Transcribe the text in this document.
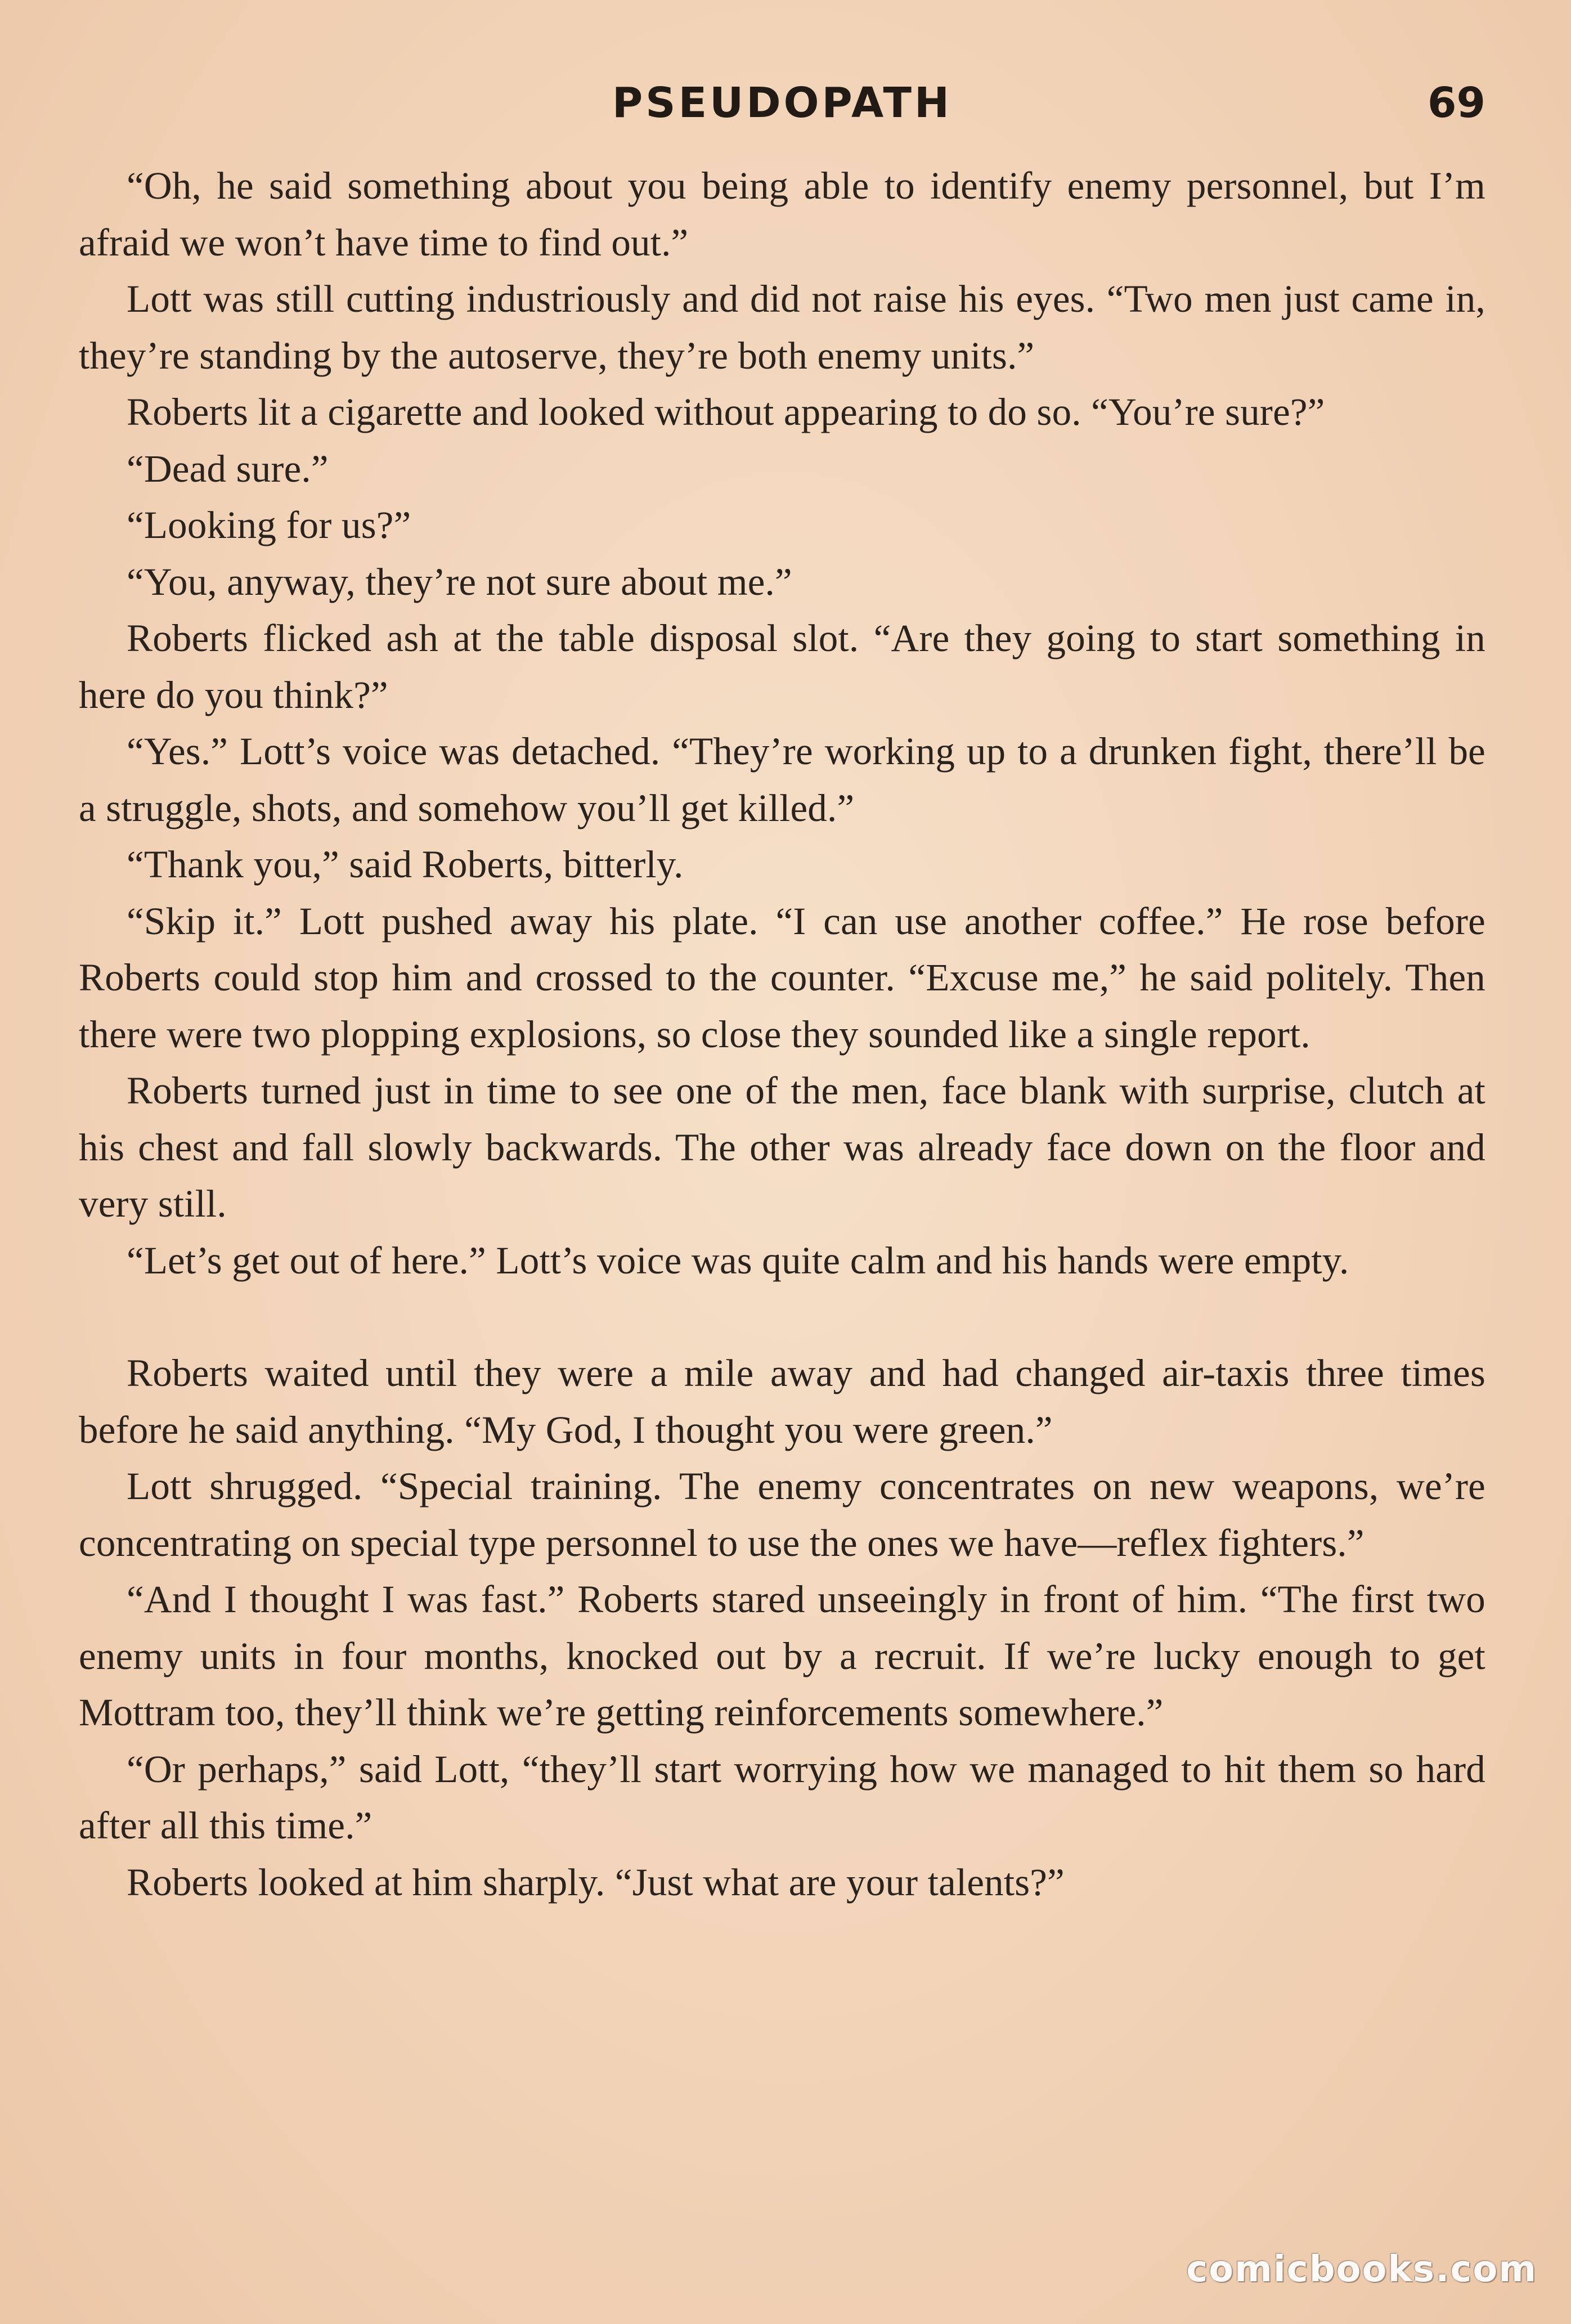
PSEUDOPATH	69

“Oh, he said something about you being able to identify enemy personnel, but I’m afraid we won’t have time to find out.”

Lott was still cutting industriously and did not raise his eyes. “Two men just came in, they’re standing by the autoserve, they’re both enemy units.”

Roberts lit a cigarette and looked without appearing to do so. “You’re sure?”

“Dead sure.”

“Looking for us?”

“You, anyway, they’re not sure about me.”

Roberts flicked ash at the table disposal slot. “Are they going to start something in here do you think?”

“Yes.” Lott’s voice was detached. “They’re working up to a drunken fight, there’ll be a struggle, shots, and somehow you’ll get killed.”

“Thank you,” said Roberts, bitterly.

“Skip it.” Lott pushed away his plate. “I can use another coffee.” He rose before Roberts could stop him and crossed to the counter. “Excuse me,” he said politely. Then there were two plopping explosions, so close they sounded like a single report.

Roberts turned just in time to see one of the men, face blank with surprise, clutch at his chest and fall slowly backwards. The other was already face down on the floor and very still.

“Let’s get out of here.” Lott’s voice was quite calm and his hands were empty.

Roberts waited until they were a mile away and had changed air-taxis three times before he said anything. “My God, I thought you were green.”

Lott shrugged. “Special training. The enemy concentrates on new weapons, we’re concentrating on special type personnel to use the ones we have—reflex fighters.”

“And I thought I was fast.” Roberts stared unseeingly in front of him. “The first two enemy units in four months, knocked out by a recruit. If we’re lucky enough to get Mottram too, they’ll think we’re getting reinforcements somewhere.”

“Or perhaps,” said Lott, “they’ll start worrying how we managed to hit them so hard after all this time.”

Roberts looked at him sharply. “Just what are your talents?”

comicbooks.com
